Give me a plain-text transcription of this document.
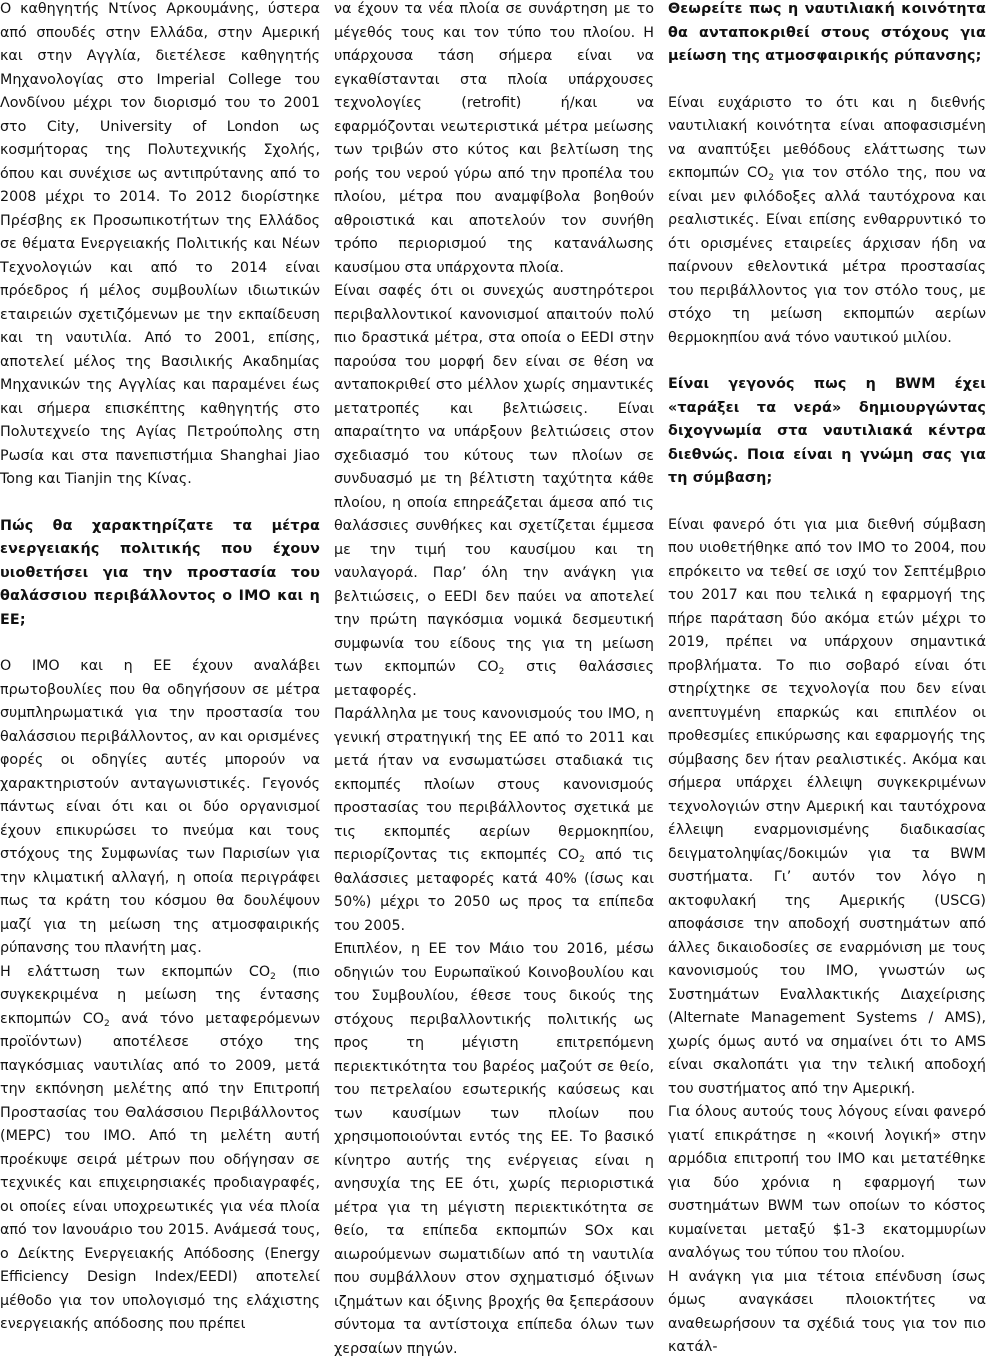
Ο καθηγητής Ντίνος Αρκουμάνης, ύστερα από σπουδές στην Ελλάδα, στην Αμερική και στην Αγγλία, διετέλεσε καθηγητής Μηχανολογίας στο Imperial College του Λονδίνου μέχρι τον διορισμό του το 2001 στο City, University of London ως κοσμήτορας της Πολυτεχνικής Σχολής, όπου και συνέχισε ως αντιπρύτανης από το 2008 μέχρι το 2014. Το 2012 διορίστηκε Πρέσβης εκ Προσωπικοτήτων της Ελλάδος σε θέματα Ενεργειακής Πολιτικής και Νέων Τεχνολογιών και από το 2014 είναι πρόεδρος ή μέλος συμβουλίων ιδιωτικών εταιρειών σχετιζόμενων με την εκπαίδευση και τη ναυτιλία. Από το 2001, επίσης, αποτελεί μέλος της Βασιλικής Ακαδημίας Μηχανικών της Αγγλίας και παραμένει έως και σήμερα επισκέπτης καθηγητής στο Πολυτεχνείο της Αγίας Πετρούπολης στη Ρωσία και στα πανεπιστήμια Shanghai Jiao Tong και Tianjin της Κίνας.

Πώς θα χαρακτηρίζατε τα μέτρα ενεργειακής πολιτικής που έχουν υιοθετήσει για την προστασία του θαλάσσιου περιβάλλοντος ο ΙΜΟ και η ΕΕ;

Ο ΙΜΟ και η ΕΕ έχουν αναλάβει πρωτοβουλίες που θα οδηγήσουν σε μέτρα συμπληρωματικά για την προστασία του θαλάσσιου περιβάλλοντος, αν και ορισμένες φορές οι οδηγίες αυτές μπορούν να χαρακτηριστούν ανταγωνιστικές. Γεγονός πάντως είναι ότι και οι δύο οργανισμοί έχουν επικυρώσει το πνεύμα και τους στόχους της Συμφωνίας των Παρισίων για την κλιματική αλλαγή, η οποία περιγράφει πως τα κράτη του κόσμου θα δουλέψουν μαζί για τη μείωση της ατμοσφαιρικής ρύπανσης του πλανήτη μας.

Η ελάττωση των εκπομπών $CO_2$ (πιο συγκεκριμένα η μείωση της έντασης εκπομπών $CO_2$ ανά τόνο μεταφερόμενων προϊόντων) αποτέλεσε στόχο της παγκόσμιας ναυτιλίας από το 2009, μετά την εκπόνηση μελέτης από την Επιτροπή Προστασίας του Θαλάσσιου Περιβάλλοντος (MEPC) του ΙΜΟ. Από τη μελέτη αυτή προέκυψε σειρά μέτρων που οδήγησαν σε τεχνικές και επιχειρησιακές προδιαγραφές, οι οποίες είναι υποχρεωτικές για νέα πλοία από τον Ιανουάριο του 2015. Ανάμεσά τους, ο Δείκτης Ενεργειακής Απόδοσης (Energy Efficiency Design Index/EEDI) αποτελεί μέθοδο για τον υπολογισμό της ελάχιστης ενεργειακής απόδοσης που πρέπει

να έχουν τα νέα πλοία σε συνάρτηση με το μέγεθός τους και τον τύπο του πλοίου. Η υπάρχουσα τάση σήμερα είναι να εγκαθίστανται στα πλοία υπάρχουσες τεχνολογίες (retrofit) ή/και να εφαρμόζονται νεωτεριστικά μέτρα μείωσης των τριβών στο κύτος και βελτίωση της ροής του νερού γύρω από την προπέλα του πλοίου, μέτρα που αναμφίβολα βοηθούν αθροιστικά και αποτελούν τον συνήθη τρόπο περιορισμού της κατανάλωσης καυσίμου στα υπάρχοντα πλοία.

Είναι σαφές ότι οι συνεχώς αυστηρότεροι περιβαλλοντικοί κανονισμοί απαιτούν πολύ πιο δραστικά μέτρα, στα οποία ο EEDI στην παρούσα του μορφή δεν είναι σε θέση να ανταποκριθεί στο μέλλον χωρίς σημαντικές μετατροπές και βελτιώσεις. Είναι απαραίτητο να υπάρξουν βελτιώσεις στον σχεδιασμό του κύτους των πλοίων σε συνδυασμό με τη βέλτιστη ταχύτητα κάθε πλοίου, η οποία επηρεάζεται άμεσα από τις θαλάσσιες συνθήκες και σχετίζεται έμμεσα με την τιμή του καυσίμου και τη ναυλαγορά. Παρ’ όλη την ανάγκη για βελτιώσεις, ο EEDI δεν παύει να αποτελεί την πρώτη παγκόσμια νομικά δεσμευτική συμφωνία του είδους της για τη μείωση των εκπομπών $CO_2$ στις θαλάσσιες μεταφορές.

Παράλληλα με τους κανονισμούς του ΙΜΟ, η γενική στρατηγική της ΕΕ από το 2011 και μετά ήταν να ενσωματώσει σταδιακά τις εκπομπές πλοίων στους κανονισμούς προστασίας του περιβάλλοντος σχετικά με τις εκπομπές αερίων θερμοκηπίου, περιορίζοντας τις εκπομπές $CO_2$ από τις θαλάσσιες μεταφορές κατά 40% (ίσως και 50%) μέχρι το 2050 ως προς τα επίπεδα του 2005.

Επιπλέον, η ΕΕ τον Μάιο του 2016, μέσω οδηγιών του Ευρωπαϊκού Κοινοβουλίου και του Συμβουλίου, έθεσε τους δικούς της στόχους περιβαλλοντικής πολιτικής ως προς τη μέγιστη επιτρεπόμενη περιεκτικότητα του βαρέος μαζούτ σε θείο, του πετρελαίου εσωτερικής καύσεως και των καυσίμων των πλοίων που χρησιμοποιούνται εντός της ΕΕ. Το βασικό κίνητρο αυτής της ενέργειας είναι η ανησυχία της ΕΕ ότι, χωρίς περιοριστικά μέτρα για τη μέγιστη περιεκτικότητα σε θείο, τα επίπεδα εκπομπών SOx και αιωρούμενων σωματιδίων από τη ναυτιλία που συμβάλλουν στον σχηματισμό όξινων ιζημάτων και όξινης βροχής θα ξεπεράσουν σύντομα τα αντίστοιχα επίπεδα όλων των χερσαίων πηγών.

Θεωρείτε πως η ναυτιλιακή κοινότητα θα ανταποκριθεί στους στόχους για μείωση της ατμοσφαιρικής ρύπανσης;

Είναι ευχάριστο το ότι και η διεθνής ναυτιλιακή κοινότητα είναι αποφασισμένη να αναπτύξει μεθόδους ελάττωσης των εκπομπών $CO_2$ για τον στόλο της, που να είναι μεν φιλόδοξες αλλά ταυτόχρονα και ρεαλιστικές. Είναι επίσης ενθαρρυντικό το ότι ορισμένες εταιρείες άρχισαν ήδη να παίρνουν εθελοντικά μέτρα προστασίας του περιβάλλοντος για τον στόλο τους, με στόχο τη μείωση εκπομπών αερίων θερμοκηπίου ανά τόνο ναυτικού μιλίου.

Είναι γεγονός πως η BWM έχει «ταράξει τα νερά» δημιουργώντας διχογνωμία στα ναυτιλιακά κέντρα διεθνώς. Ποια είναι η γνώμη σας για τη σύμβαση;

Είναι φανερό ότι για μια διεθνή σύμβαση που υιοθετήθηκε από τον ΙΜΟ το 2004, που επρόκειτο να τεθεί σε ισχύ τον Σεπτέμβριο του 2017 και που τελικά η εφαρμογή της πήρε παράταση δύο ακόμα ετών μέχρι το 2019, πρέπει να υπάρχουν σημαντικά προβλήματα. Το πιο σοβαρό είναι ότι στηρίχτηκε σε τεχνολογία που δεν είναι ανεπτυγμένη επαρκώς και επιπλέον οι προθεσμίες επικύρωσης και εφαρμογής της σύμβασης δεν ήταν ρεαλιστικές. Ακόμα και σήμερα υπάρχει έλλειψη συγκεκριμένων τεχνολογιών στην Αμερική και ταυτόχρονα έλλειψη εναρμονισμένης διαδικασίας δειγματοληψίας/δοκιμών για τα BWM συστήματα. Γι’ αυτόν τον λόγο η ακτοφυλακή της Αμερικής (USCG) αποφάσισε την αποδοχή συστημάτων από άλλες δικαιοδοσίες σε εναρμόνιση με τους κανονισμούς του ΙΜΟ, γνωστών ως Συστημάτων Εναλλακτικής Διαχείρισης (Alternate Management Systems / AMS), χωρίς όμως αυτό να σημαίνει ότι το AMS είναι σκαλοπάτι για την τελική αποδοχή του συστήματος από την Αμερική.

Για όλους αυτούς τους λόγους είναι φανερό γιατί επικράτησε η «κοινή λογική» στην αρμόδια επιτροπή του ΙΜΟ και μετατέθηκε για δύο χρόνια η εφαρμογή των συστημάτων BWM των οποίων το κόστος κυμαίνεται μεταξύ $1-3 εκατομμυρίων αναλόγως του τύπου του πλοίου.

Η ανάγκη για μια τέτοια επένδυση ίσως όμως αναγκάσει πλοιοκτήτες να αναθεωρήσουν τα σχέδιά τους για τον πιο κατάλ-
